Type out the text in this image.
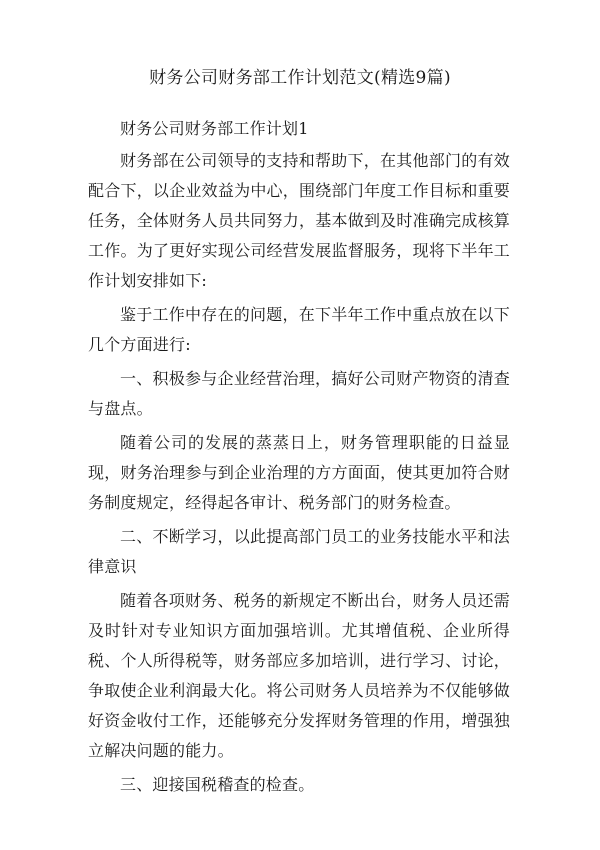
财务公司财务部工作计划范文(精选9篇)

财务公司财务部工作计划1

财务部在公司领导的支持和帮助下，在其他部门的有效配合下，以企业效益为中心，围绕部门年度工作目标和重要任务，全体财务人员共同努力，基本做到及时准确完成核算工作。为了更好实现公司经营发展监督服务，现将下半年工作计划安排如下:

鉴于工作中存在的问题，在下半年工作中重点放在以下几个方面进行:

一、积极参与企业经营治理，搞好公司财产物资的清查与盘点。

随着公司的发展的蒸蒸日上，财务管理职能的日益显现，财务治理参与到企业治理的方方面面，使其更加符合财务制度规定，经得起各审计、税务部门的财务检查。

二、不断学习，以此提高部门员工的业务技能水平和法律意识

随着各项财务、税务的新规定不断出台，财务人员还需及时针对专业知识方面加强培训。尤其增值税、企业所得税、个人所得税等，财务部应多加培训，进行学习、讨论，争取使企业利润最大化。将公司财务人员培养为不仅能够做好资金收付工作，还能够充分发挥财务管理的作用，增强独立解决问题的能力。

三、迎接国税稽查的检查。
